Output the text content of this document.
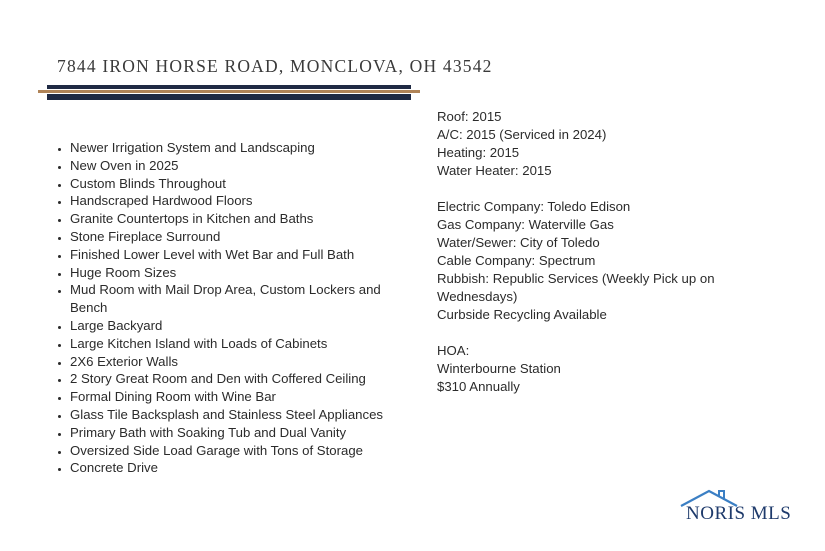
7844 IRON HORSE ROAD, MONCLOVA, OH 43542
• Newer Irrigation System and Landscaping
• New Oven in 2025
• Custom Blinds Throughout
• Handscraped Hardwood Floors
• Granite Countertops in Kitchen and Baths
• Stone Fireplace Surround
• Finished Lower Level with Wet Bar and Full Bath
• Huge Room Sizes
• Mud Room with Mail Drop Area, Custom Lockers and Bench
• Large Backyard
• Large Kitchen Island with Loads of Cabinets
• 2X6 Exterior Walls
• 2 Story Great Room and Den with Coffered Ceiling
• Formal Dining Room with Wine Bar
• Glass Tile Backsplash and Stainless Steel Appliances
• Primary Bath with Soaking Tub and Dual Vanity
• Oversized Side Load Garage with Tons of Storage
• Concrete Drive
Roof: 2015
A/C: 2015 (Serviced in 2024)
Heating: 2015
Water Heater: 2015
Electric Company: Toledo Edison
Gas Company: Waterville Gas
Water/Sewer: City of Toledo
Cable Company: Spectrum
Rubbish: Republic Services (Weekly Pick up on Wednesdays)
Curbside Recycling Available
HOA:
Winterbourne Station
$310 Annually
NORIS MLS
